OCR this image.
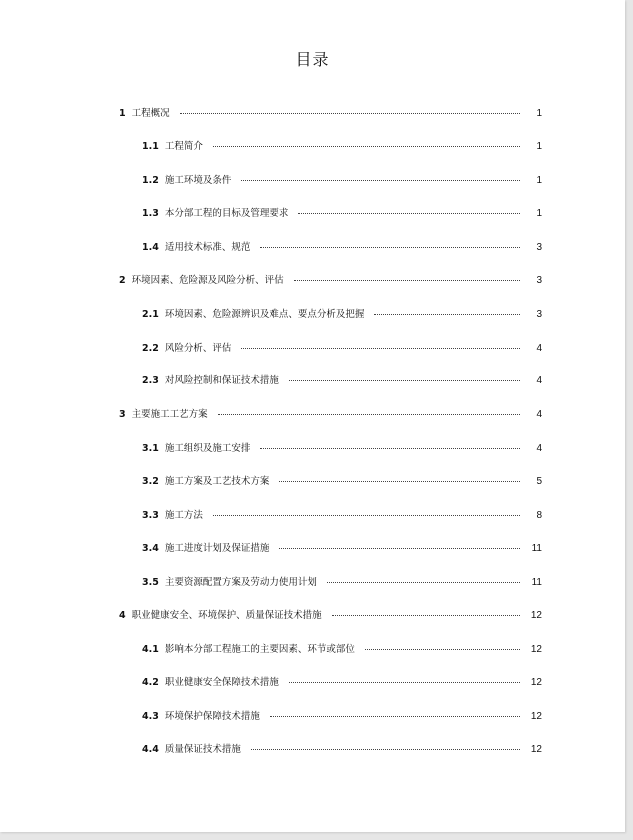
目录
1 工程概况	1
1.1 工程简介	1
1.2 施工环境及条件	1
1.3 本分部工程的目标及管理要求	1
1.4 适用技术标准、规范	3
2 环境因素、危险源及风险分析、评估	3
2.1 环境因素、危险源辨识及难点、要点分析及把握	3
2.2 风险分析、评估	4
2.3 对风险控制和保证技术措施	4
3 主要施工工艺方案	4
3.1 施工组织及施工安排	4
3.2 施工方案及工艺技术方案	5
3.3 施工方法	8
3.4 施工进度计划及保证措施	11
3.5 主要资源配置方案及劳动力使用计划	11
4 职业健康安全、环境保护、质量保证技术措施	12
4.1 影响本分部工程施工的主要因素、环节或部位	12
4.2 职业健康安全保障技术措施	12
4.3 环境保护保障技术措施	12
4.4 质量保证技术措施	12
